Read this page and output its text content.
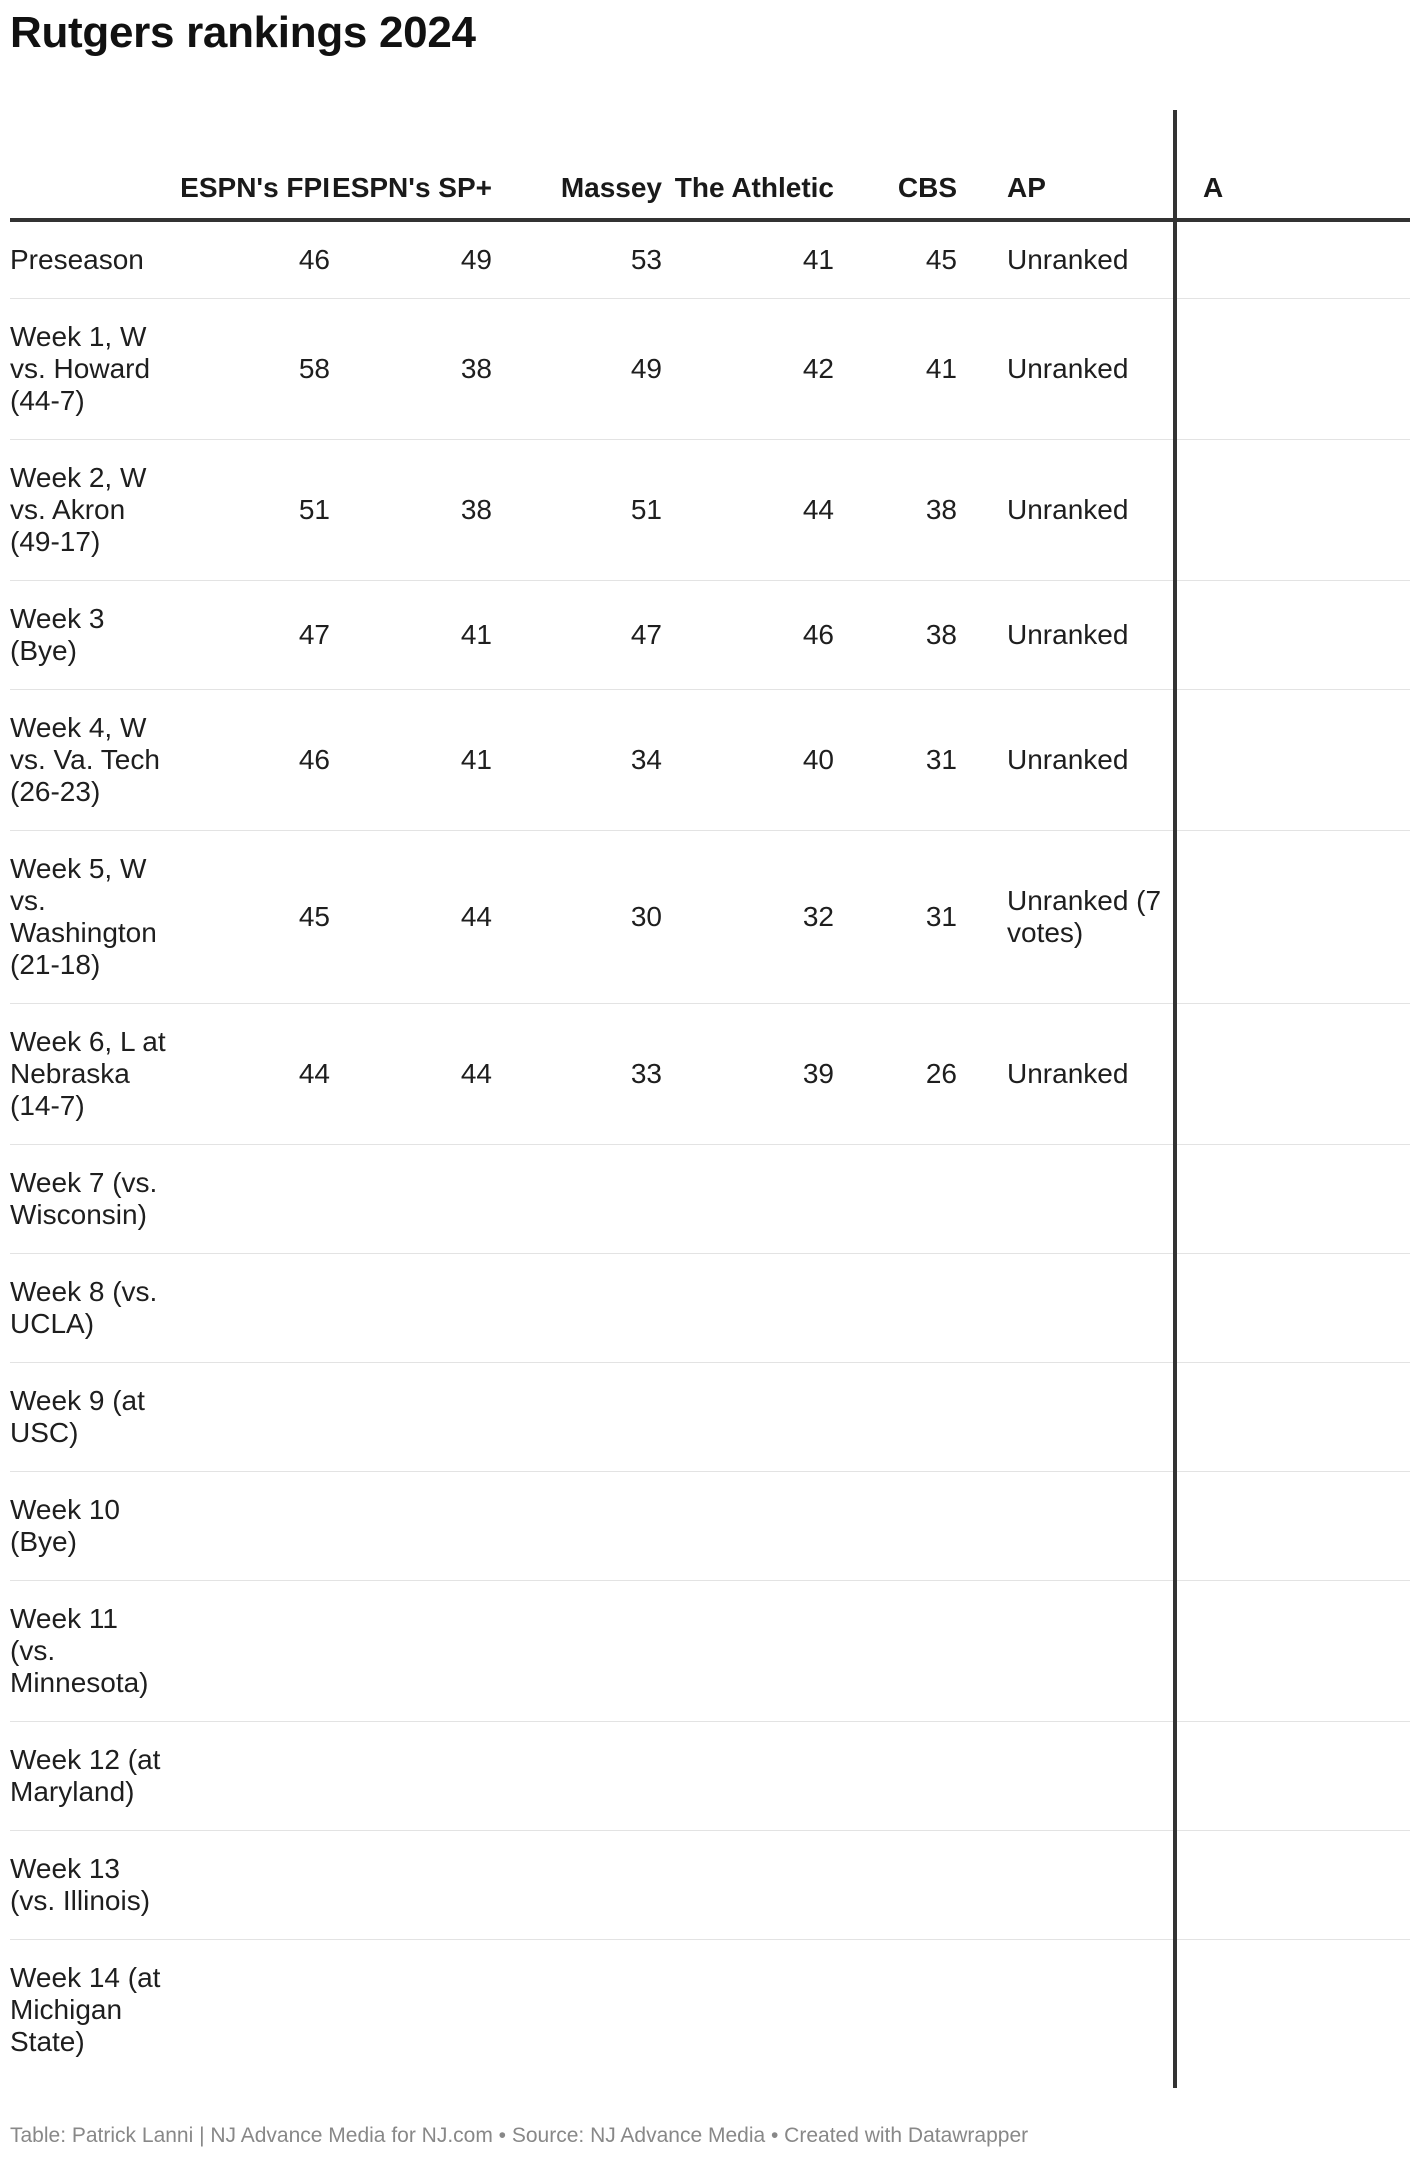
Rutgers rankings 2024
	ESPN's FPI	ESPN's SP+	Massey	The Athletic	CBS	AP	A
Preseason	46	49	53	41	45	Unranked	
Week 1, W vs. Howard (44-7)	58	38	49	42	41	Unranked	
Week 2, W vs. Akron (49-17)	51	38	51	44	38	Unranked	
Week 3 (Bye)	47	41	47	46	38	Unranked	
Week 4, W vs. Va. Tech (26-23)	46	41	34	40	31	Unranked	
Week 5, W vs. Washington (21-18)	45	44	30	32	31	Unranked (7 votes)	
Week 6, L at Nebraska (14-7)	44	44	33	39	26	Unranked	
Week 7 (vs. Wisconsin)							
Week 8 (vs. UCLA)							
Week 9 (at USC)							
Week 10 (Bye)							
Week 11 (vs. Minnesota)							
Week 12 (at Maryland)							
Week 13 (vs. Illinois)							
Week 14 (at Michigan State)							
Table: Patrick Lanni | NJ Advance Media for NJ.com • Source: NJ Advance Media • Created with Datawrapper
